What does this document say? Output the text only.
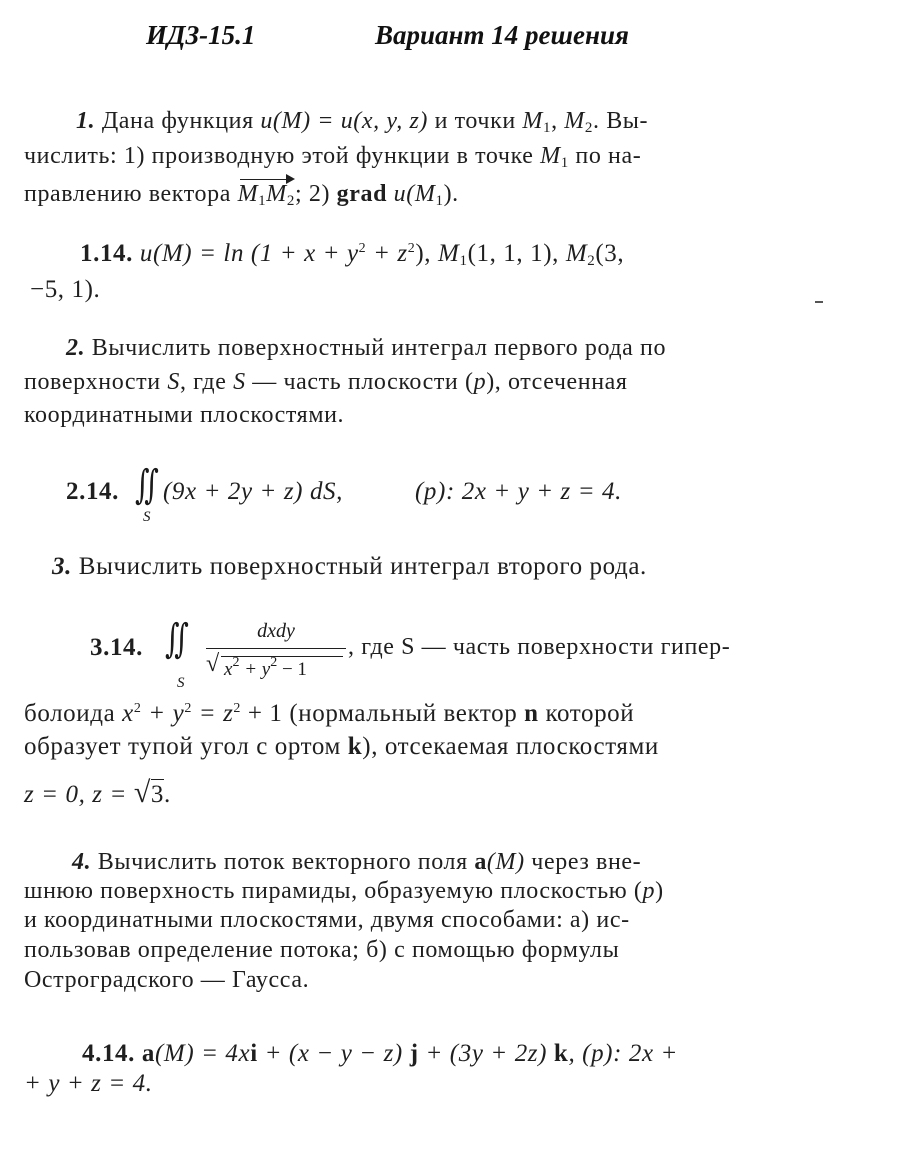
ИДЗ-15.1	Вариант 14 решения
1. Дана функция u(M) = u(x, y, z) и точки $M_1$, $M_2$. Вы-
числить: 1) производную этой функции в точке $M_1$ по на-
правлению вектора $M_1M_2$; 2) grad $u(M_1)$.
1.14. $u(M) = \ln (1 + x + y^2 + z^2)$, $M_1(1$, 1, 1), $M_2(3$,
−5, 1).
2. Вычислить поверхностный интеграл первого рода по
поверхности S, где S — часть плоскости (p), отсеченная
координатными плоскостями.
2.14. ∬
S
(9x + 2y + z) dS,	(p): 2x + y + z = 4.
3. Вычислить поверхностный интеграл второго рода.
3.14. ∬
S
dxdy
√ $x^2 + y^2 - 1$
, где S — часть поверхности гипер-
болоида $x^2 + y^2 = z^2 + 1$ (нормальный вектор n которой
образует тупой угол с ортом k), отсекаемая плоскостями
z = 0, z = √3.
4. Вычислить поток векторного поля a(M) через вне-
шнюю поверхность пирамиды, образуемую плоскостью (p)
и координатными плоскостями, двумя способами: а) ис-
пользовав определение потока; б) с помощью формулы
Остроградского — Гаусса.
4.14. a(M) = 4xi + (x − y − z) j + (3y + 2z) k, (p): 2x +
+ y + z = 4.
